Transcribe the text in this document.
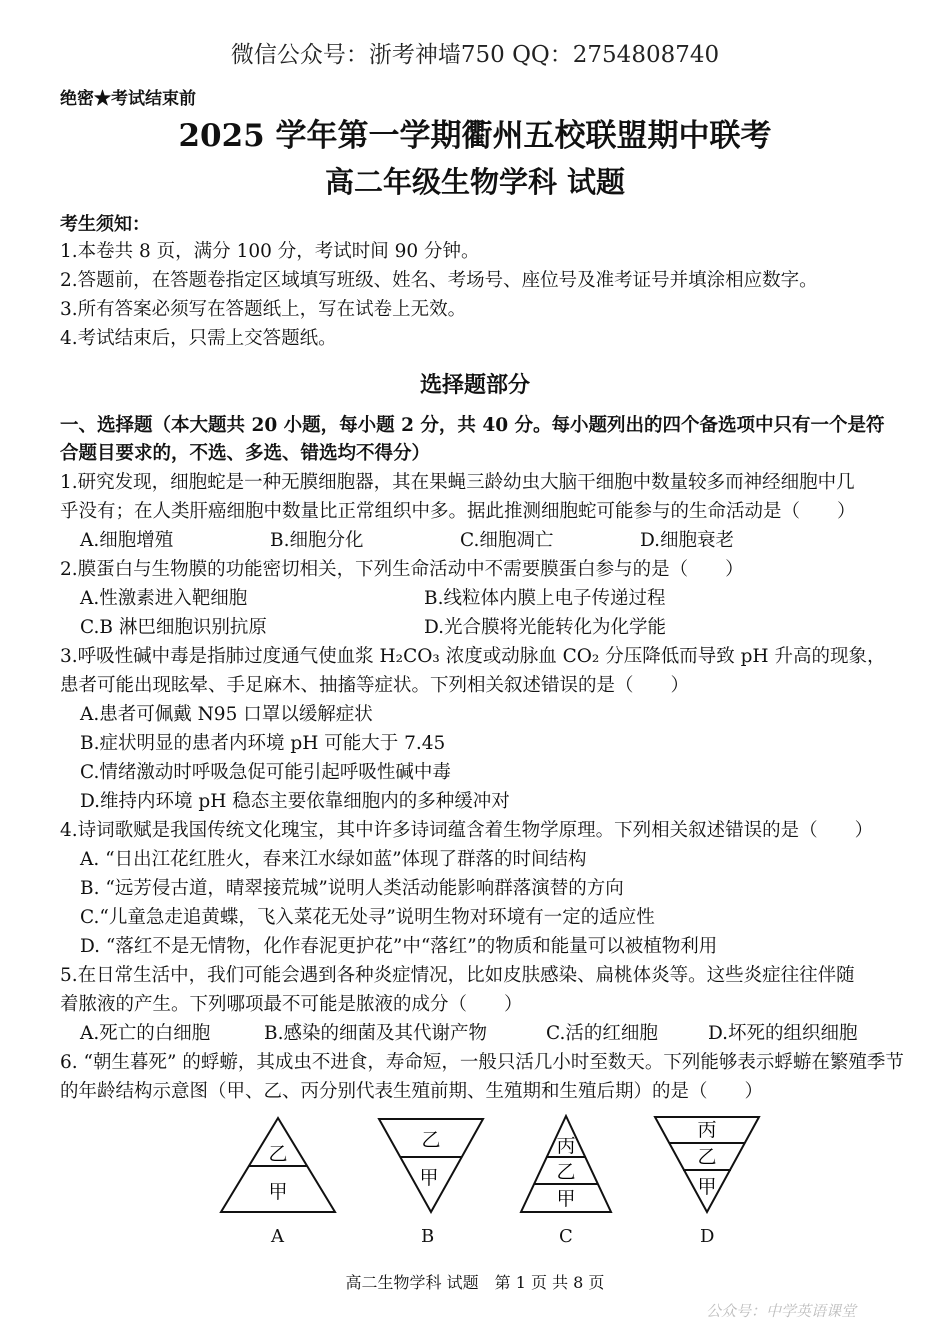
微信公众号：浙考神墙750 QQ：2754808740
绝密★考试结束前
2025 学年第一学期衢州五校联盟期中联考
高二年级生物学科 试题
考生须知：
1.本卷共 8 页，满分 100 分，考试时间 90 分钟。
2.答题前，在答题卷指定区域填写班级、姓名、考场号、座位号及准考证号并填涂相应数字。
3.所有答案必须写在答题纸上，写在试卷上无效。
4.考试结束后，只需上交答题纸。
选择题部分
一、选择题（本大题共 20 小题，每小题 2 分，共 40 分。每小题列出的四个备选项中只有一个是符
合题目要求的，不选、多选、错选均不得分）
1.研究发现，细胞蛇是一种无膜细胞器，其在果蝇三龄幼虫大脑干细胞中数量较多而神经细胞中几
乎没有；在人类肝癌细胞中数量比正常组织中多。据此推测细胞蛇可能参与的生命活动是（　　）
A.细胞增殖	B.细胞分化	C.细胞凋亡	D.细胞衰老
2.膜蛋白与生物膜的功能密切相关，下列生命活动中不需要膜蛋白参与的是（　　）
A.性激素进入靶细胞	B.线粒体内膜上电子传递过程
C.B 淋巴细胞识别抗原	D.光合膜将光能转化为化学能
3.呼吸性碱中毒是指肺过度通气使血浆 H₂CO₃ 浓度或动脉血 CO₂ 分压降低而导致 pH 升高的现象，
患者可能出现眩晕、手足麻木、抽搐等症状。下列相关叙述错误的是（　　）
A.患者可佩戴 N95 口罩以缓解症状
B.症状明显的患者内环境 pH 可能大于 7.45
C.情绪激动时呼吸急促可能引起呼吸性碱中毒
D.维持内环境 pH 稳态主要依靠细胞内的多种缓冲对
4.诗词歌赋是我国传统文化瑰宝，其中许多诗词蕴含着生物学原理。下列相关叙述错误的是（　　）
A. “日出江花红胜火，春来江水绿如蓝”体现了群落的时间结构
B. “远芳侵古道，晴翠接荒城”说明人类活动能影响群落演替的方向
C.“儿童急走追黄蝶，飞入菜花无处寻”说明生物对环境有一定的适应性
D. “落红不是无情物，化作春泥更护花”中“落红”的物质和能量可以被植物利用
5.在日常生活中，我们可能会遇到各种炎症情况，比如皮肤感染、扁桃体炎等。这些炎症往往伴随
着脓液的产生。下列哪项最不可能是脓液的成分（　　）
A.死亡的白细胞	B.感染的细菌及其代谢产物	C.活的红细胞	D.坏死的组织细胞
6. “朝生暮死” 的蜉蝣，其成虫不进食，寿命短，一般只活几小时至数天。下列能够表示蜉蝣在繁殖季节
的年龄结构示意图（甲、乙、丙分别代表生殖前期、生殖期和生殖后期）的是（　　）
乙
甲
A
乙
甲
B
丙
乙
甲
C
丙
乙
甲
D
高二生物学科 试题　第 1 页 共 8 页
公众号：中学英语课堂
